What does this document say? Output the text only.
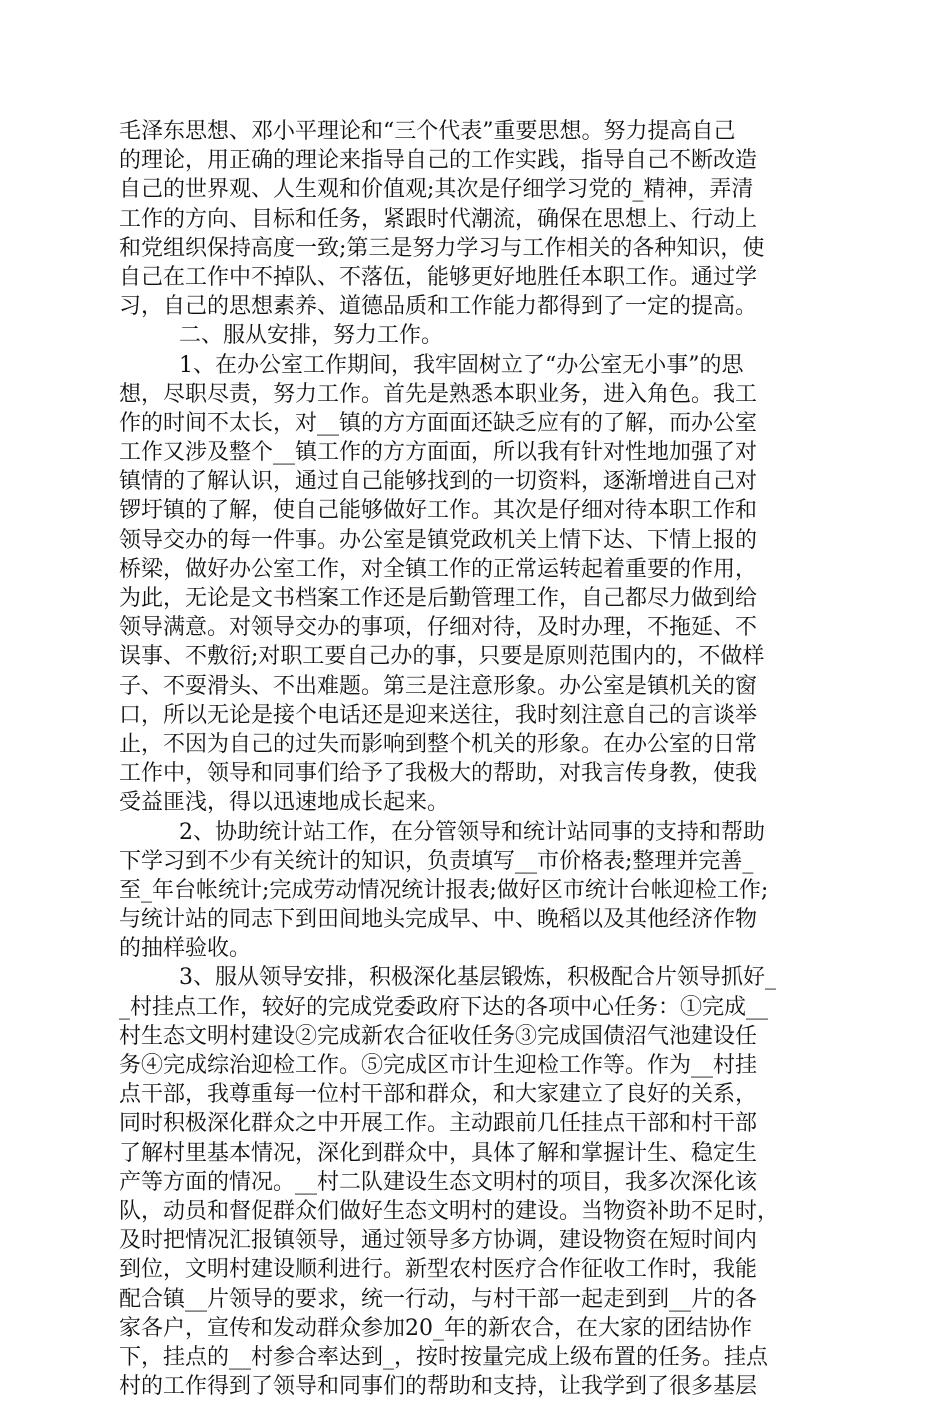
毛泽东思想、邓小平理论和“三个代表”重要思想。努力提高自己
的理论，用正确的理论来指导自己的工作实践，指导自己不断改造
自己的世界观、人生观和价值观;其次是仔细学习党的_精神，弄清
工作的方向、目标和任务，紧跟时代潮流，确保在思想上、行动上
和党组织保持高度一致;第三是努力学习与工作相关的各种知识，使
自己在工作中不掉队、不落伍，能够更好地胜任本职工作。通过学
习，自己的思想素养、道德品质和工作能力都得到了一定的提高。
二、服从安排，努力工作。
1、在办公室工作期间，我牢固树立了“办公室无小事”的思
想，尽职尽责，努力工作。首先是熟悉本职业务，进入角色。我工
作的时间不太长，对__镇的方方面面还缺乏应有的了解，而办公室
工作又涉及整个__镇工作的方方面面，所以我有针对性地加强了对
镇情的了解认识，通过自己能够找到的一切资料，逐渐增进自己对
锣圩镇的了解，使自己能够做好工作。其次是仔细对待本职工作和
领导交办的每一件事。办公室是镇党政机关上情下达、下情上报的
桥梁，做好办公室工作，对全镇工作的正常运转起着重要的作用，
为此，无论是文书档案工作还是后勤管理工作，自己都尽力做到给
领导满意。对领导交办的事项，仔细对待，及时办理，不拖延、不
误事、不敷衍;对职工要自己办的事，只要是原则范围内的，不做样
子、不耍滑头、不出难题。第三是注意形象。办公室是镇机关的窗
口，所以无论是接个电话还是迎来送往，我时刻注意自己的言谈举
止，不因为自己的过失而影响到整个机关的形象。在办公室的日常
工作中，领导和同事们给予了我极大的帮助，对我言传身教，使我
受益匪浅，得以迅速地成长起来。
2、协助统计站工作，在分管领导和统计站同事的支持和帮助
下学习到不少有关统计的知识，负责填写__市价格表;整理并完善_
至_年台帐统计;完成劳动情况统计报表;做好区市统计台帐迎检工作;
与统计站的同志下到田间地头完成早、中、晚稻以及其他经济作物
的抽样验收。
3、服从领导安排，积极深化基层锻炼，积极配合片领导抓好_
_村挂点工作，较好的完成党委政府下达的各项中心任务：①完成__
村生态文明村建设②完成新农合征收任务③完成国债沼气池建设任
务④完成综治迎检工作。⑤完成区市计生迎检工作等。作为__村挂
点干部，我尊重每一位村干部和群众，和大家建立了良好的关系，
同时积极深化群众之中开展工作。主动跟前几任挂点干部和村干部
了解村里基本情况，深化到群众中，具体了解和掌握计生、稳定生
产等方面的情况。__村二队建设生态文明村的项目，我多次深化该
队，动员和督促群众们做好生态文明村的建设。当物资补助不足时，
及时把情况汇报镇领导，通过领导多方协调，建设物资在短时间内
到位，文明村建设顺利进行。新型农村医疗合作征收工作时，我能
配合镇__片领导的要求，统一行动，与村干部一起走到到__片的各
家各户，宣传和发动群众参加20_年的新农合，在大家的团结协作
下，挂点的__村参合率达到_，按时按量完成上级布置的任务。挂点
村的工作得到了领导和同事们的帮助和支持，让我学到了很多基层
